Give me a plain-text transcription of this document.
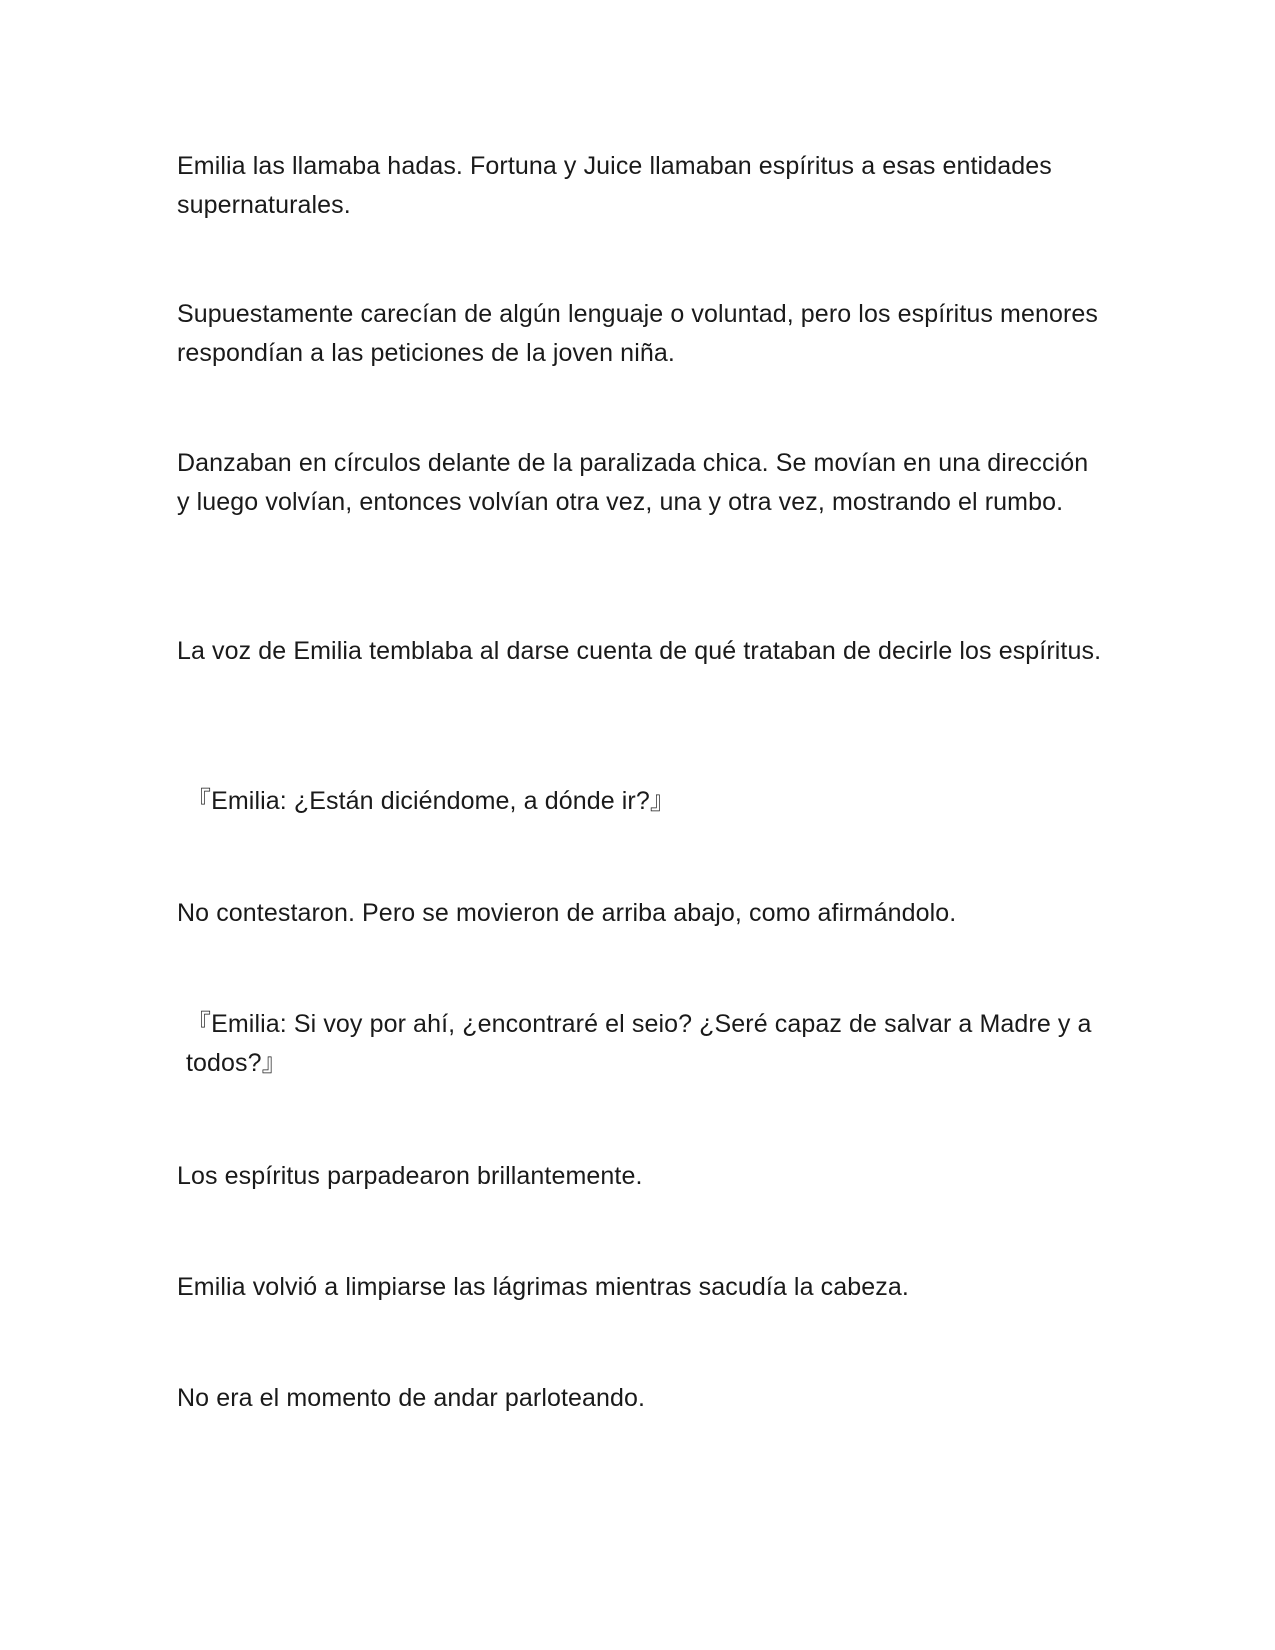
Emilia las llamaba hadas. Fortuna y Juice llamaban espíritus a esas entidades supernaturales.

Supuestamente carecían de algún lenguaje o voluntad, pero los espíritus menores respondían a las peticiones de la joven niña.

Danzaban en círculos delante de la paralizada chica. Se movían en una dirección y luego volvían, entonces volvían otra vez, una y otra vez, mostrando el rumbo.

La voz de Emilia temblaba al darse cuenta de qué trataban de decirle los espíritus.

『Emilia: ¿Están diciéndome, a dónde ir?』

No contestaron. Pero se movieron de arriba abajo, como afirmándolo.

『Emilia: Si voy por ahí, ¿encontraré el seio? ¿Seré capaz de salvar a Madre y a todos?』

Los espíritus parpadearon brillantemente.

Emilia volvió a limpiarse las lágrimas mientras sacudía la cabeza.

No era el momento de andar parloteando.
